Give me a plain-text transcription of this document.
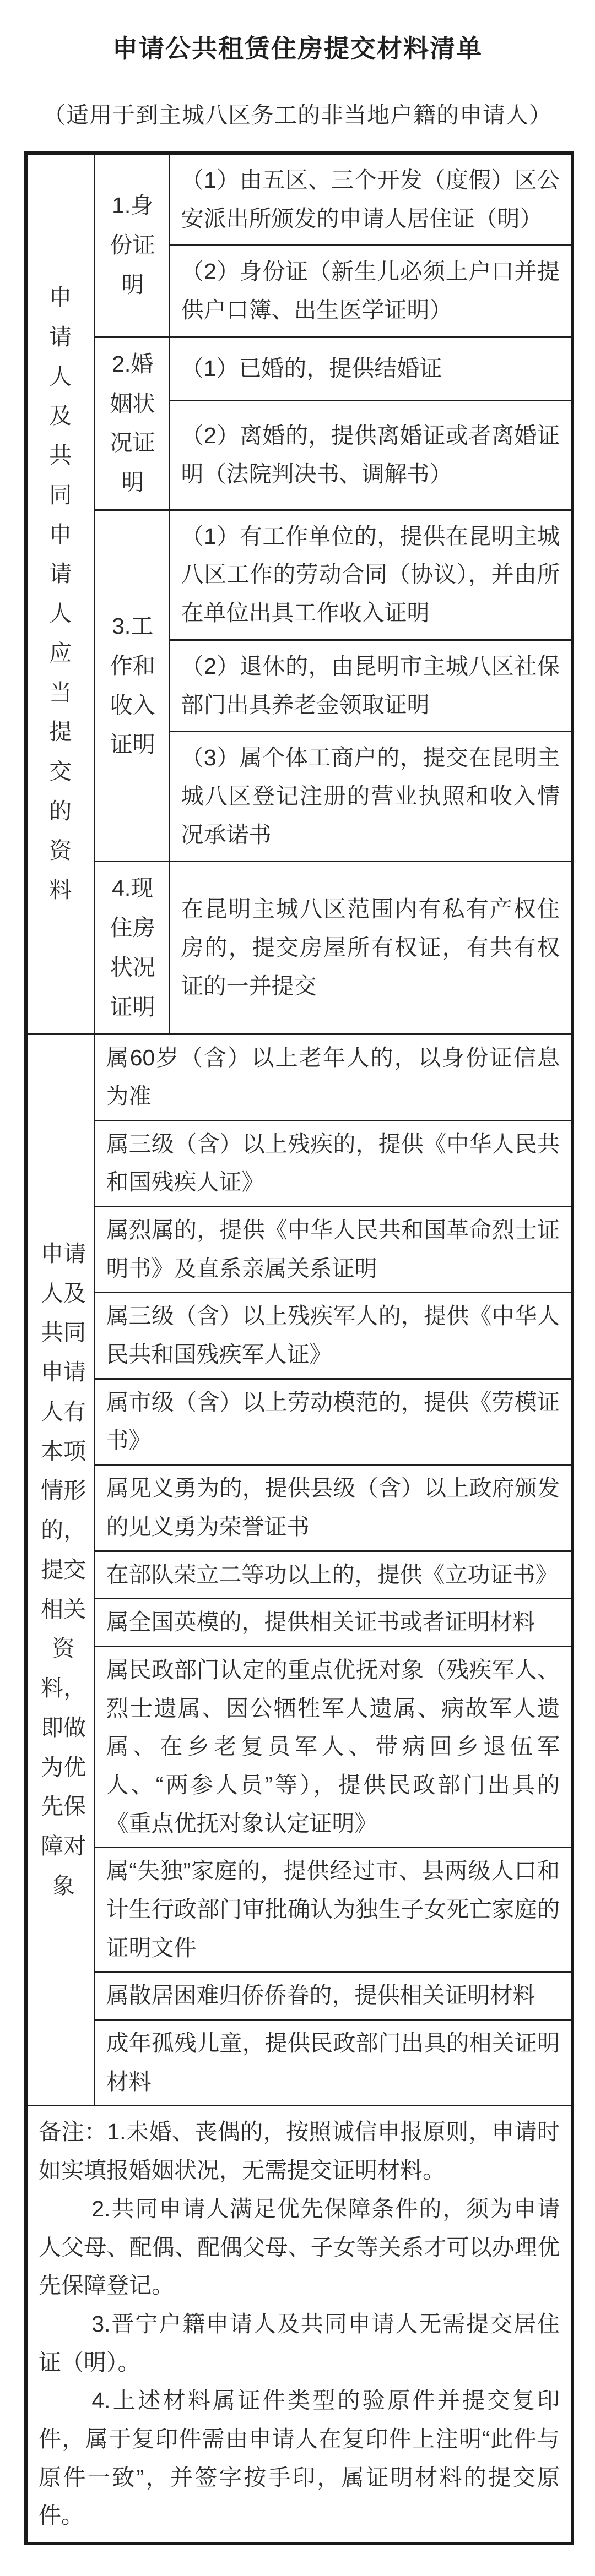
申请公共租赁住房提交材料清单
（适用于到主城八区务工的非当地户籍的申请人）
申请人及共同申请人应当提交的资料	1.身份证明	（1）由五区、三个开发（度假）区公安派出所颁发的申请人居住证（明）
		（2）身份证（新生儿必须上户口并提供户口簿、出生医学证明）

	2.婚姻状况证明	（1）已婚的，提供结婚证
		（2）离婚的，提供离婚证或者离婚证明（法院判决书、调解书）

	3.工作和收入证明	（1）有工作单位的，提供在昆明主城八区工作的劳动合同（协议），并由所在单位出具工作收入证明
		（2）退休的，由昆明市主城八区社保部门出具养老金领取证明
		（3）属个体工商户的，提交在昆明主城八区登记注册的营业执照和收入情况承诺书

	4.现住房状况证明	在昆明主城八区范围内有私有产权住房的，提交房屋所有权证，有共有权证的一并提交

申请人及共同申请人有本项情形的，提交相关资料，即做为优先保障对象	属60岁（含）以上老年人的，以身份证信息为准	
	属三级（含）以上残疾的，提供《中华人民共和国残疾人证》	
	属烈属的，提供《中华人民共和国革命烈士证明书》及直系亲属关系证明	
	属三级（含）以上残疾军人的，提供《中华人民共和国残疾军人证》	
	属市级（含）以上劳动模范的，提供《劳模证书》	
	属见义勇为的，提供县级（含）以上政府颁发的见义勇为荣誉证书	
	在部队荣立二等功以上的，提供《立功证书》	
	属全国英模的，提供相关证书或者证明材料	
	属民政部门认定的重点优抚对象（残疾军人、烈士遗属、因公牺牲军人遗属、病故军人遗属、在乡老复员军人、带病回乡退伍军人、“两参人员”等），提供民政部门出具的《重点优抚对象认定证明》	
	属“失独”家庭的，提供经过市、县两级人口和计生行政部门审批确认为独生子女死亡家庭的证明文件	
	属散居困难归侨侨眷的，提供相关证明材料	
	成年孤残儿童，提供民政部门出具的相关证明材料	

备注：1.未婚、丧偶的，按照诚信申报原则，申请时如实填报婚姻状况，无需提交证明材料。

2.共同申请人满足优先保障条件的，须为申请人父母、配偶、配偶父母、子女等关系才可以办理优先保障登记。

3.晋宁户籍申请人及共同申请人无需提交居住证（明）。

4.上述材料属证件类型的验原件并提交复印件，属于复印件需由申请人在复印件上注明“此件与原件一致”，并签字按手印，属证明材料的提交原件。		
